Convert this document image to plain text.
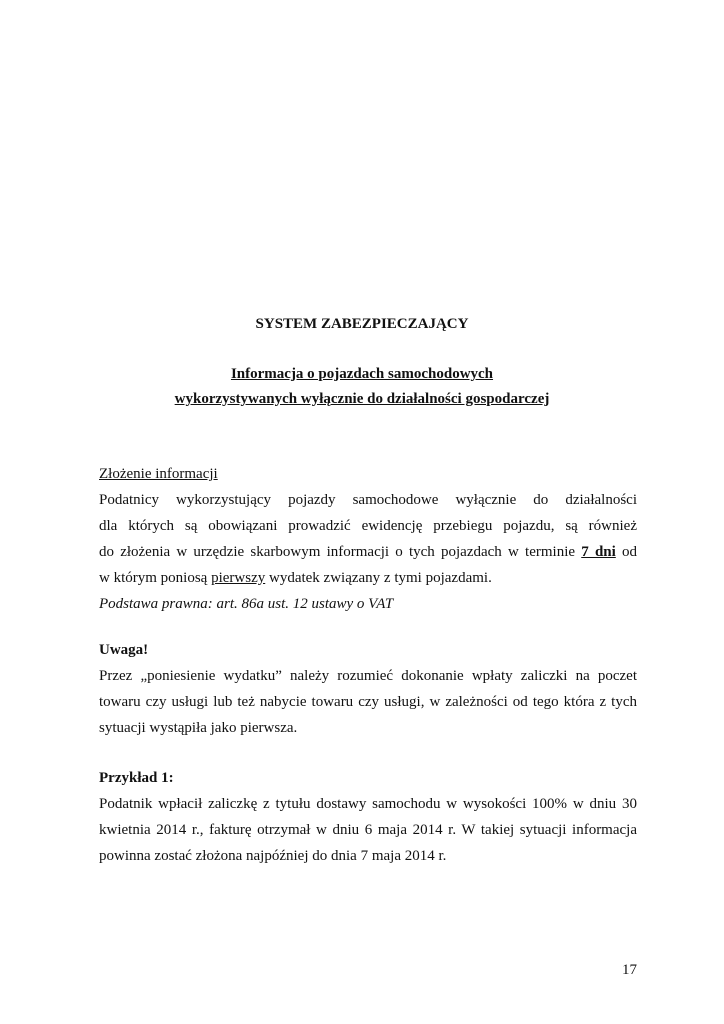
SYSTEM ZABEZPIECZAJĄCY

Informacja o pojazdach samochodowych

wykorzystywanych wyłącznie do działalności gospodarczej

Złożenie informacji
Podatnicy wykorzystujący pojazdy samochodowe wyłącznie do działalności
dla których są obowiązani prowadzić ewidencję przebiegu pojazdu, są również
do złożenia w urzędzie skarbowym informacji o tych pojazdach w terminie 7 dni od
w którym poniosą pierwszy wydatek związany z tymi pojazdami.
Podstawa prawna: art. 86a ust. 12 ustawy o VAT
Uwaga!
Przez „poniesienie wydatku” należy rozumieć dokonanie wpłaty zaliczki na poczet
towaru czy usługi lub też nabycie towaru czy usługi, w zależności od tego która z tych
sytuacji wystąpiła jako pierwsza.
Przykład 1:
Podatnik wpłacił zaliczkę z tytułu dostawy samochodu w wysokości 100% w dniu 30
kwietnia 2014 r., fakturę otrzymał w dniu 6 maja 2014 r. W takiej sytuacji informacja
powinna zostać złożona najpóźniej do dnia 7 maja 2014 r.

17
